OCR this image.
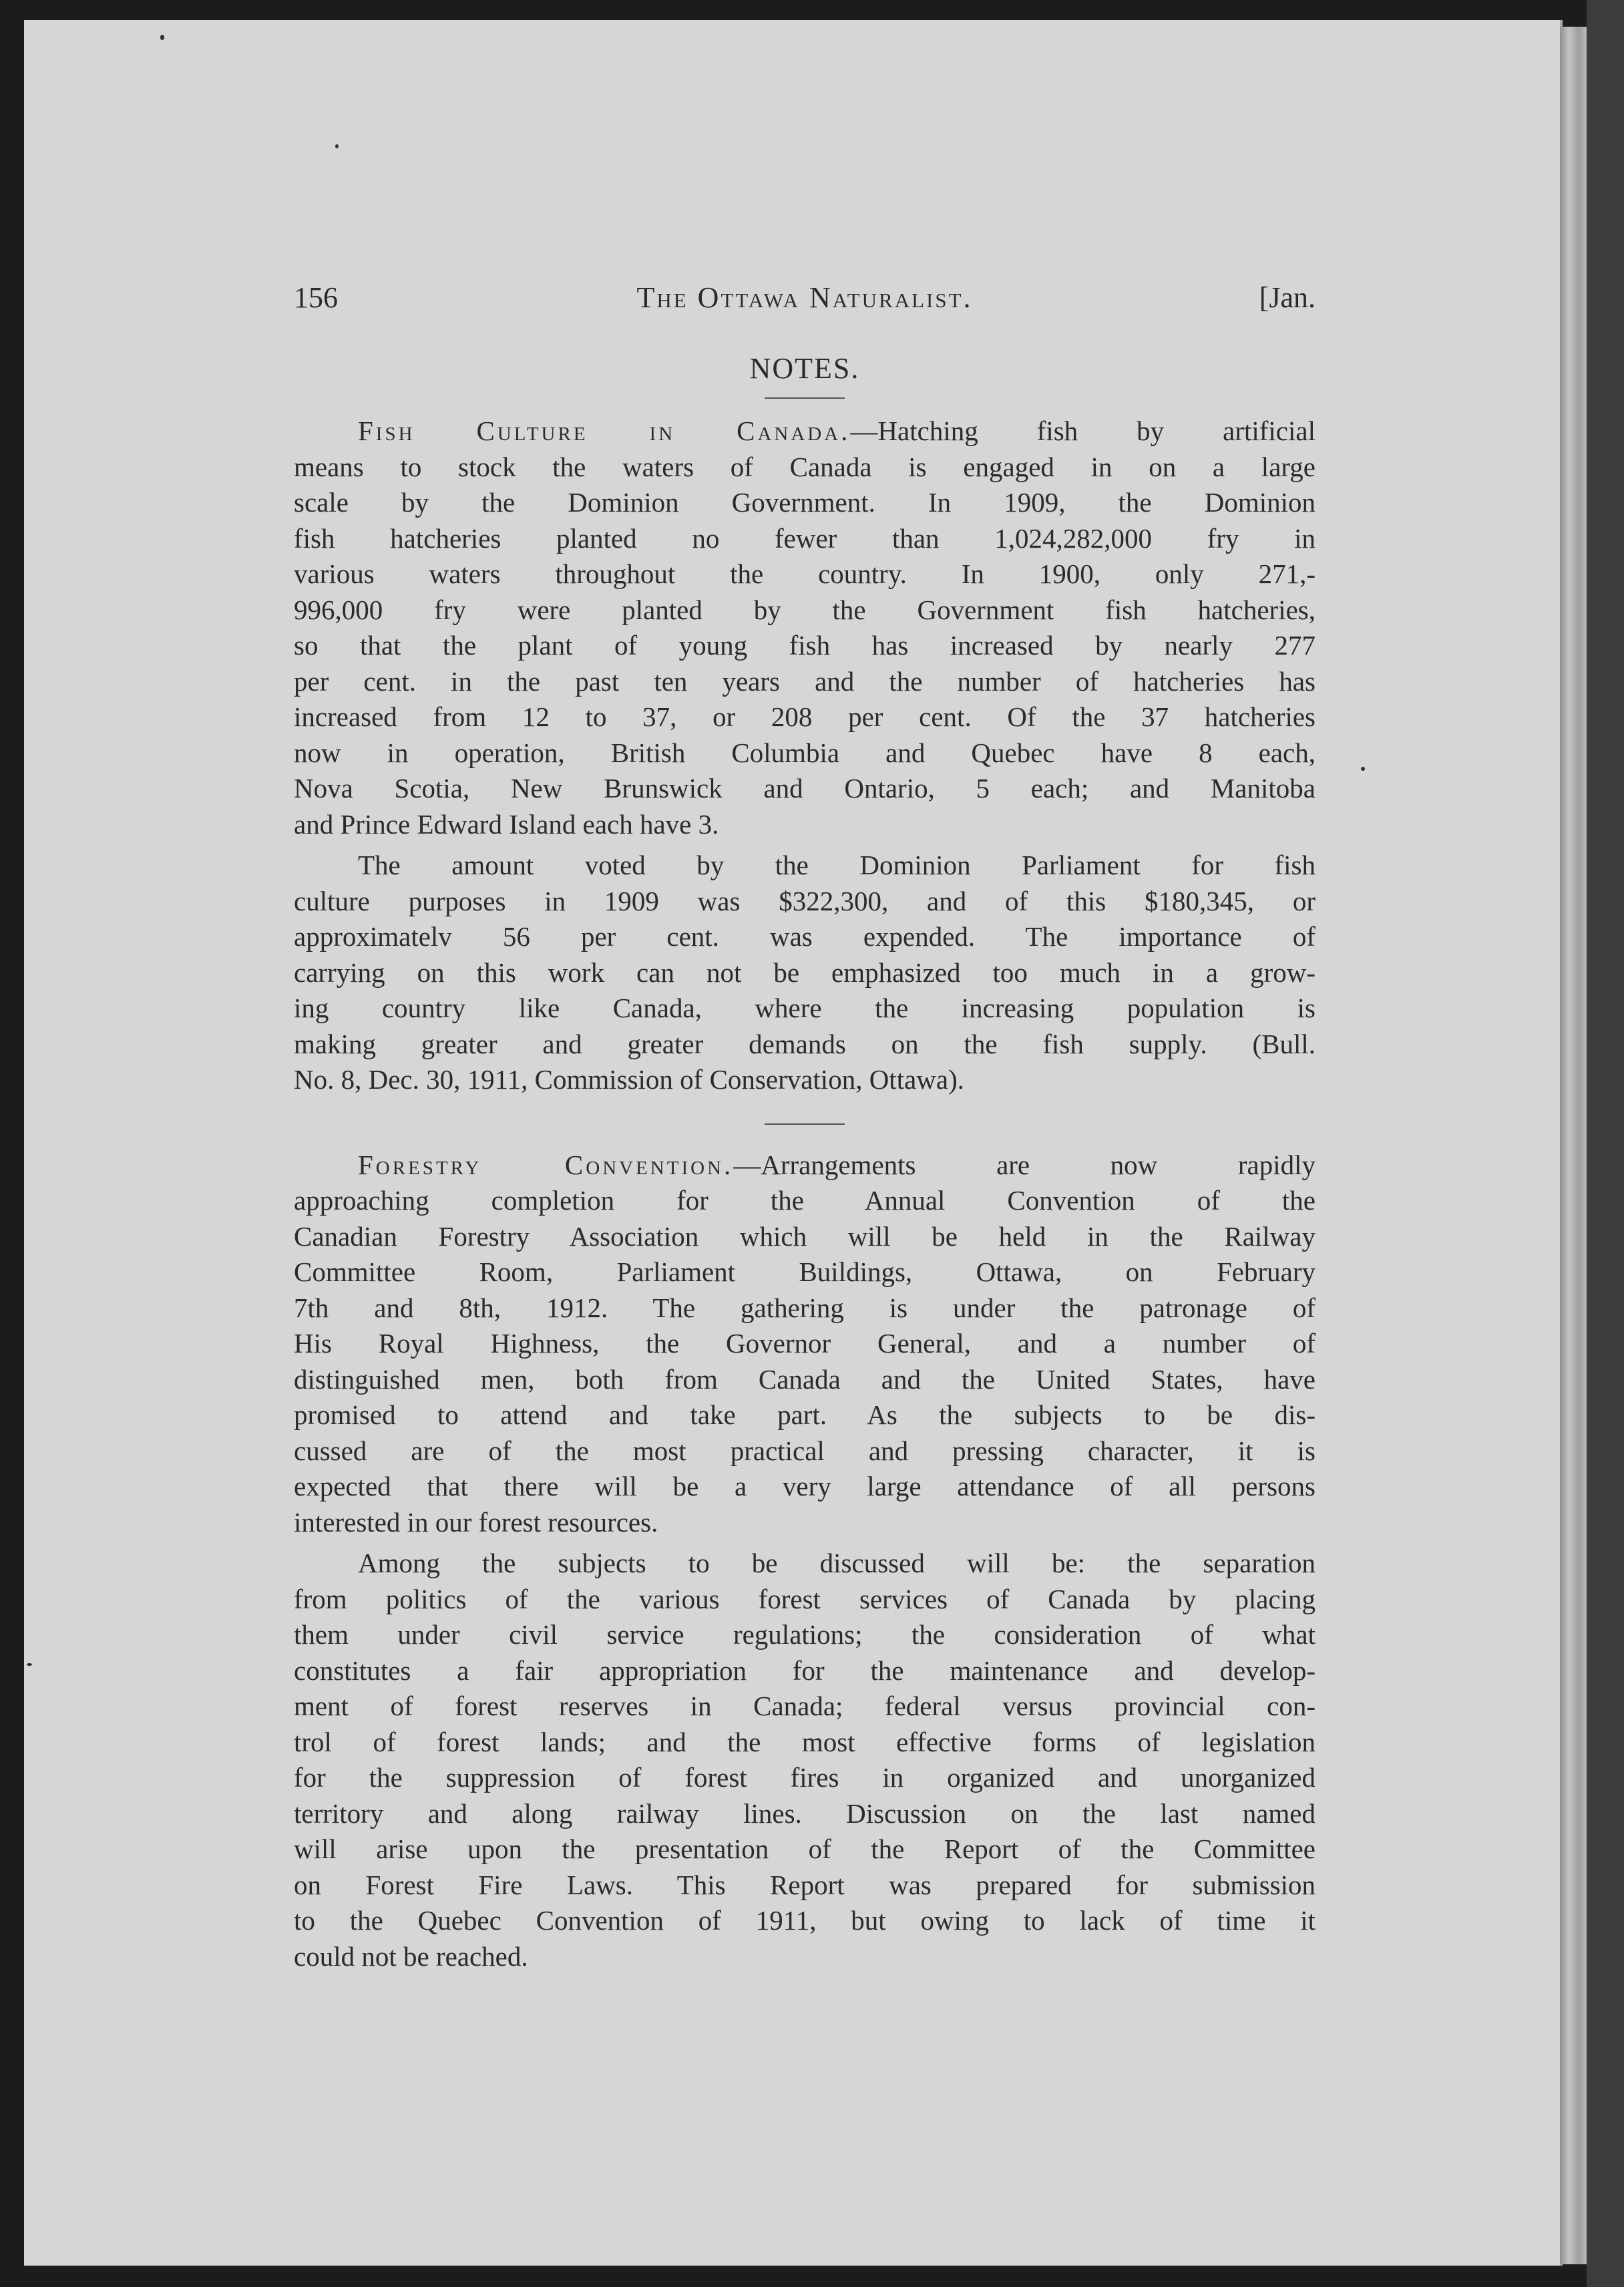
156	The Ottawa Naturalist.	[Jan.
NOTES.
Fish Culture in Canada.—Hatching fish by artificial
means to stock the waters of Canada is engaged in on a large
scale by the Dominion Government. In 1909, the Dominion
fish hatcheries planted no fewer than 1,024,282,000 fry in
various waters throughout the country. In 1900, only 271,-
996,000 fry were planted by the Government fish hatcheries,
so that the plant of young fish has increased by nearly 277
per cent. in the past ten years and the number of hatcheries has
increased from 12 to 37, or 208 per cent. Of the 37 hatcheries
now in operation, British Columbia and Quebec have 8 each,
Nova Scotia, New Brunswick and Ontario, 5 each; and Manitoba
and Prince Edward Island each have 3.
The amount voted by the Dominion Parliament for fish
culture purposes in 1909 was $322,300, and of this $180,345, or
approximatelv 56 per cent. was expended. The importance of
carrying on this work can not be emphasized too much in a grow-
ing country like Canada, where the increasing population is
making greater and greater demands on the fish supply. (Bull.
No. 8, Dec. 30, 1911, Commission of Conservation, Ottawa).
Forestry Convention.—Arrangements are now rapidly
approaching completion for the Annual Convention of the
Canadian Forestry Association which will be held in the Railway
Committee Room, Parliament Buildings, Ottawa, on February
7th and 8th, 1912. The gathering is under the patronage of
His Royal Highness, the Governor General, and a number of
distinguished men, both from Canada and the United States, have
promised to attend and take part. As the subjects to be dis-
cussed are of the most practical and pressing character, it is
expected that there will be a very large attendance of all persons
interested in our forest resources.
Among the subjects to be discussed will be: the separation
from politics of the various forest services of Canada by placing
them under civil service regulations; the consideration of what
constitutes a fair appropriation for the maintenance and develop-
ment of forest reserves in Canada; federal versus provincial con-
trol of forest lands; and the most effective forms of legislation
for the suppression of forest fires in organized and unorganized
territory and along railway lines. Discussion on the last named
will arise upon the presentation of the Report of the Committee
on Forest Fire Laws. This Report was prepared for submission
to the Quebec Convention of 1911, but owing to lack of time it
could not be reached.
